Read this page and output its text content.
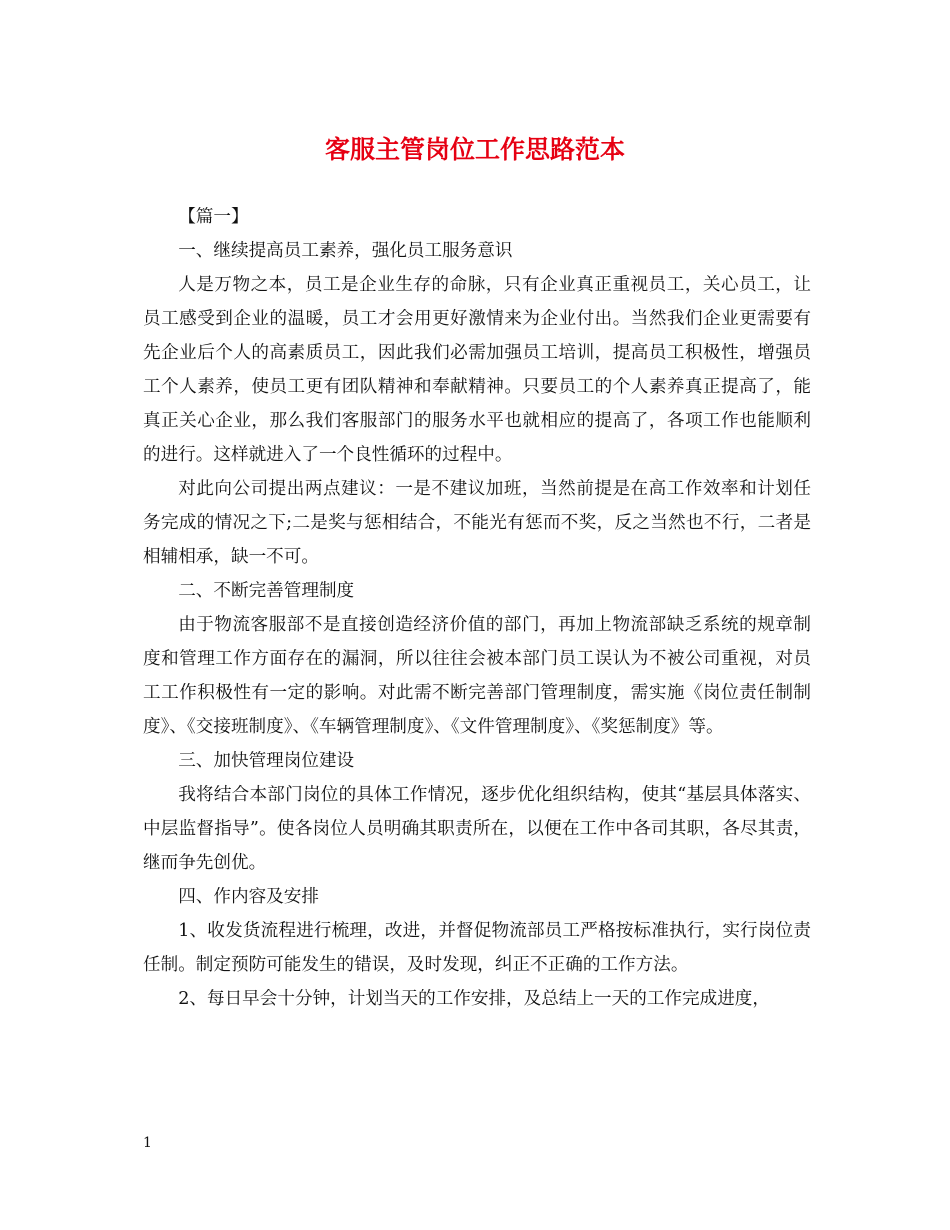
客服主管岗位工作思路范本

【篇一】

一、继续提高员工素养，强化员工服务意识

人是万物之本，员工是企业生存的命脉，只有企业真正重视员工，关心员工，让员工感受到企业的温暖，员工才会用更好激情来为企业付出。当然我们企业更需要有先企业后个人的高素质员工，因此我们必需加强员工培训，提高员工积极性，增强员工个人素养，使员工更有团队精神和奉献精神。只要员工的个人素养真正提高了，能真正关心企业，那么我们客服部门的服务水平也就相应的提高了，各项工作也能顺利的进行。这样就进入了一个良性循环的过程中。

对此向公司提出两点建议：一是不建议加班，当然前提是在高工作效率和计划任务完成的情况之下;二是奖与惩相结合，不能光有惩而不奖，反之当然也不行，二者是相辅相承，缺一不可。

二、不断完善管理制度

由于物流客服部不是直接创造经济价值的部门，再加上物流部缺乏系统的规章制度和管理工作方面存在的漏洞，所以往往会被本部门员工误认为不被公司重视，对员工工作积极性有一定的影响。对此需不断完善部门管理制度，需实施《岗位责任制制度》、《交接班制度》、《车辆管理制度》、《文件管理制度》、《奖惩制度》等。

三、加快管理岗位建设

我将结合本部门岗位的具体工作情况，逐步优化组织结构，使其“基层具体落实、中层监督指导”。使各岗位人员明确其职责所在，以便在工作中各司其职，各尽其责，继而争先创优。

四、作内容及安排

1、收发货流程进行梳理，改进，并督促物流部员工严格按标准执行，实行岗位责任制。制定预防可能发生的错误，及时发现，纠正不正确的工作方法。

2、每日早会十分钟，计划当天的工作安排，及总结上一天的工作完成进度，

1
